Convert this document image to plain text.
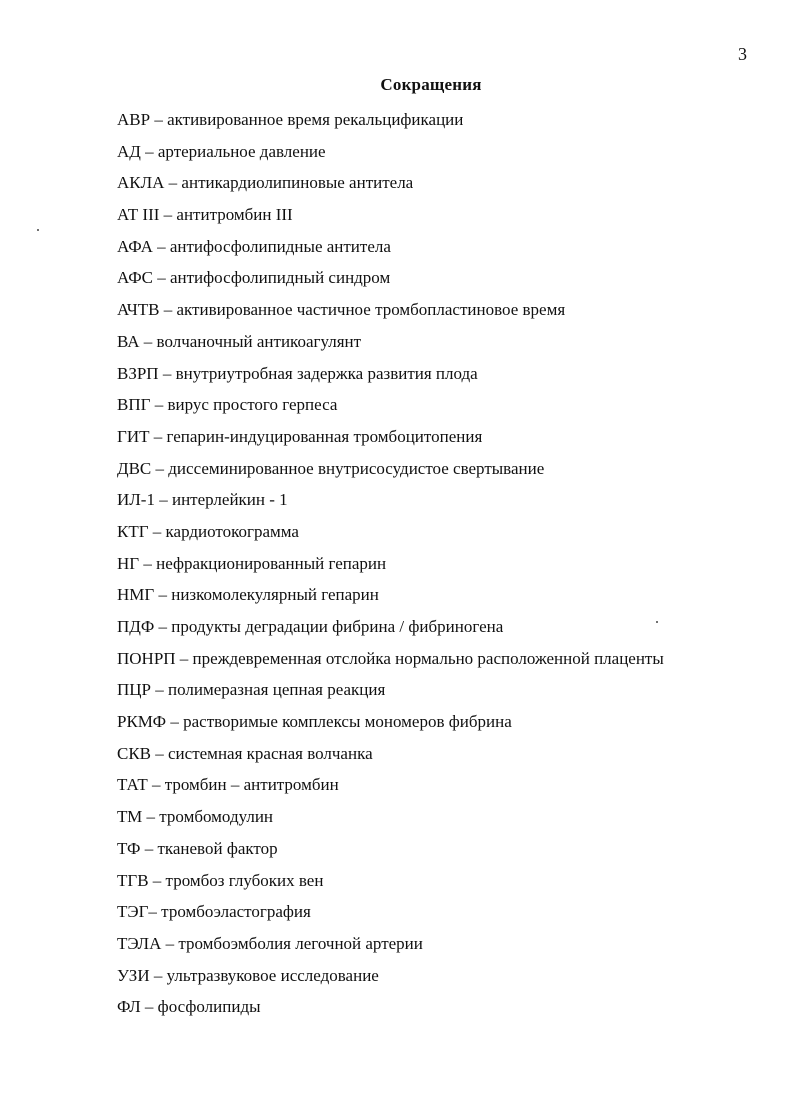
3
Сокращения
АВР – активированное время рекальцификации
АД – артериальное давление
АКЛА – антикардиолипиновые антитела
АТ III – антитромбин III
АФА – антифосфолипидные антитела
АФС – антифосфолипидный синдром
АЧТВ – активированное частичное тромбопластиновое время
ВА – волчаночный антикоагулянт
ВЗРП – внутриутробная задержка развития плода
ВПГ – вирус простого герпеса
ГИТ – гепарин-индуцированная тромбоцитопения
ДВС – диссеминированное внутрисосудистое свертывание
ИЛ-1 – интерлейкин - 1
КТГ – кардиотокограмма
НГ – нефракционированный гепарин
НМГ – низкомолекулярный гепарин
ПДФ – продукты деградации фибрина / фибриногена
ПОНРП – преждевременная отслойка нормально расположенной плаценты
ПЦР – полимеразная цепная реакция
РКМФ – растворимые комплексы мономеров фибрина
СКВ – системная красная волчанка
ТАТ – тромбин – антитромбин
ТМ – тромбомодулин
ТФ – тканевой фактор
ТГВ – тромбоз глубоких вен
ТЭГ– тромбоэластография
ТЭЛА – тромбоэмболия легочной артерии
УЗИ – ультразвуковое исследование
ФЛ – фосфолипиды
